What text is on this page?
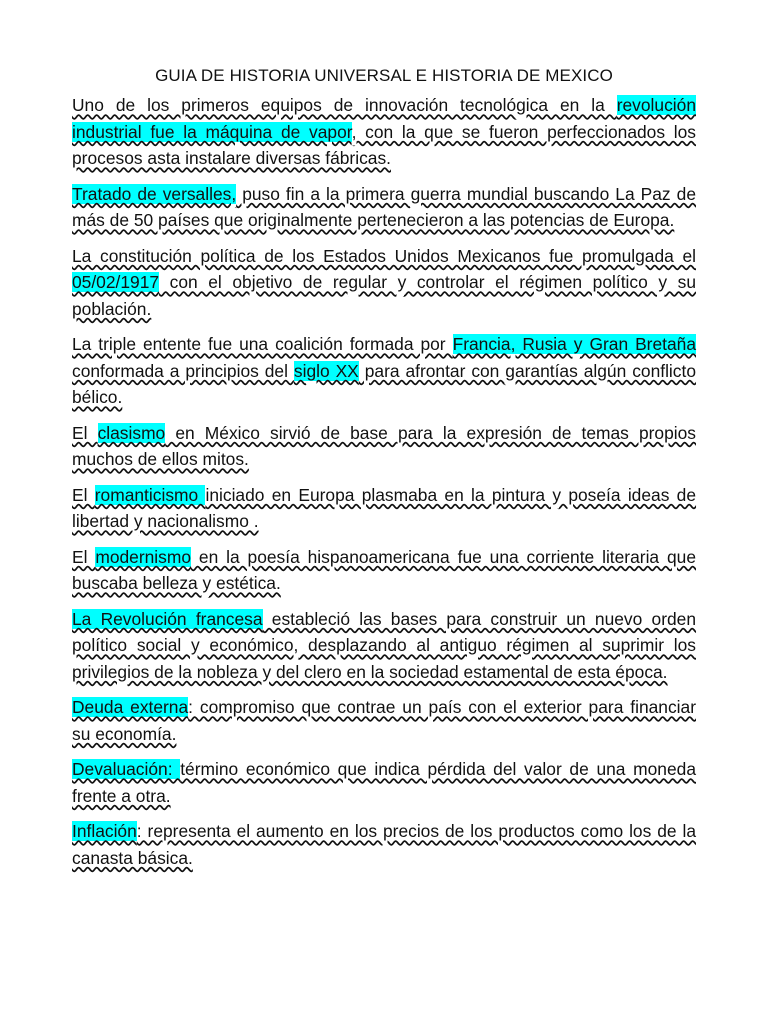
GUIA DE HISTORIA UNIVERSAL E HISTORIA DE MEXICO

Uno de los primeros equipos de innovación tecnológica en la revolución industrial fue la máquina de vapor, con la que se fueron perfeccionados los procesos asta instalare diversas fábricas.

Tratado de versalles, puso fin a la primera guerra mundial buscando La Paz de más de 50 países que originalmente pertenecieron a las potencias de Europa.

La constitución política de los Estados Unidos Mexicanos fue promulgada el 05/02/1917 con el objetivo de regular y controlar el régimen político y su población.

La triple entente fue una coalición formada por Francia, Rusia y Gran Bretaña conformada a principios del siglo XX para afrontar con garantías algún conflicto bélico.

El clasismo en México sirvió de base para la expresión de temas propios muchos de ellos mitos.

El romanticismo iniciado en Europa plasmaba en la pintura y poseía ideas de libertad y nacionalismo .

El modernismo en la poesía hispanoamericana fue una corriente literaria que buscaba belleza y estética.

La Revolución francesa estableció las bases para construir un nuevo orden político social y económico, desplazando al antiguo régimen al suprimir los privilegios de la nobleza y del clero en la sociedad estamental de esta época.

Deuda externa: compromiso que contrae un país con el exterior para financiar su economía.

Devaluación: término económico que indica pérdida del valor de una moneda frente a otra.

Inflación: representa el aumento en los precios de los productos como los de la canasta básica.
